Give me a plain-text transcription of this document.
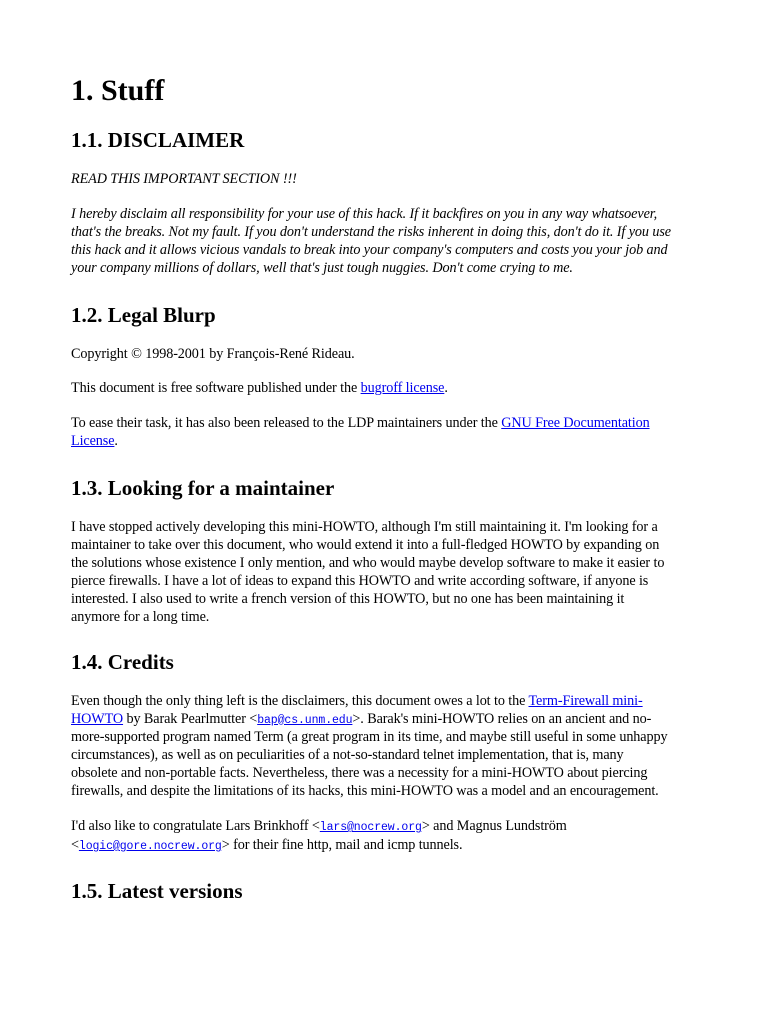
1. Stuff
1.1. DISCLAIMER

READ THIS IMPORTANT SECTION !!!

I hereby disclaim all responsibility for your use of this hack. If it backfires on you in any way whatsoever, that's the breaks. Not my fault. If you don't understand the risks inherent in doing this, don't do it. If you use this hack and it allows vicious vandals to break into your company's computers and costs you your job and your company millions of dollars, well that's just tough nuggies. Don't come crying to me.

1.2. Legal Blurp

Copyright © 1998-2001 by François-René Rideau.

This document is free software published under the bugroff license.

To ease their task, it has also been released to the LDP maintainers under the GNU Free Documentation License.

1.3. Looking for a maintainer

I have stopped actively developing this mini-HOWTO, although I'm still maintaining it. I'm looking for a maintainer to take over this document, who would extend it into a full-fledged HOWTO by expanding on the solutions whose existence I only mention, and who would maybe develop software to make it easier to pierce firewalls. I have a lot of ideas to expand this HOWTO and write according software, if anyone is interested. I also used to write a french version of this HOWTO, but no one has been maintaining it anymore for a long time.

1.4. Credits

Even though the only thing left is the disclaimers, this document owes a lot to the Term-Firewall mini-HOWTO by Barak Pearlmutter <bap@cs.unm.edu>. Barak's mini-HOWTO relies on an ancient and no-more-supported program named Term (a great program in its time, and maybe still useful in some unhappy circumstances), as well as on peculiarities of a not-so-standard telnet implementation, that is, many obsolete and non-portable facts. Nevertheless, there was a necessity for a mini-HOWTO about piercing firewalls, and despite the limitations of its hacks, this mini-HOWTO was a model and an encouragement.

I'd also like to congratulate Lars Brinkhoff <lars@nocrew.org> and Magnus Lundström <logic@gore.nocrew.org> for their fine http, mail and icmp tunnels.

1.5. Latest versions
